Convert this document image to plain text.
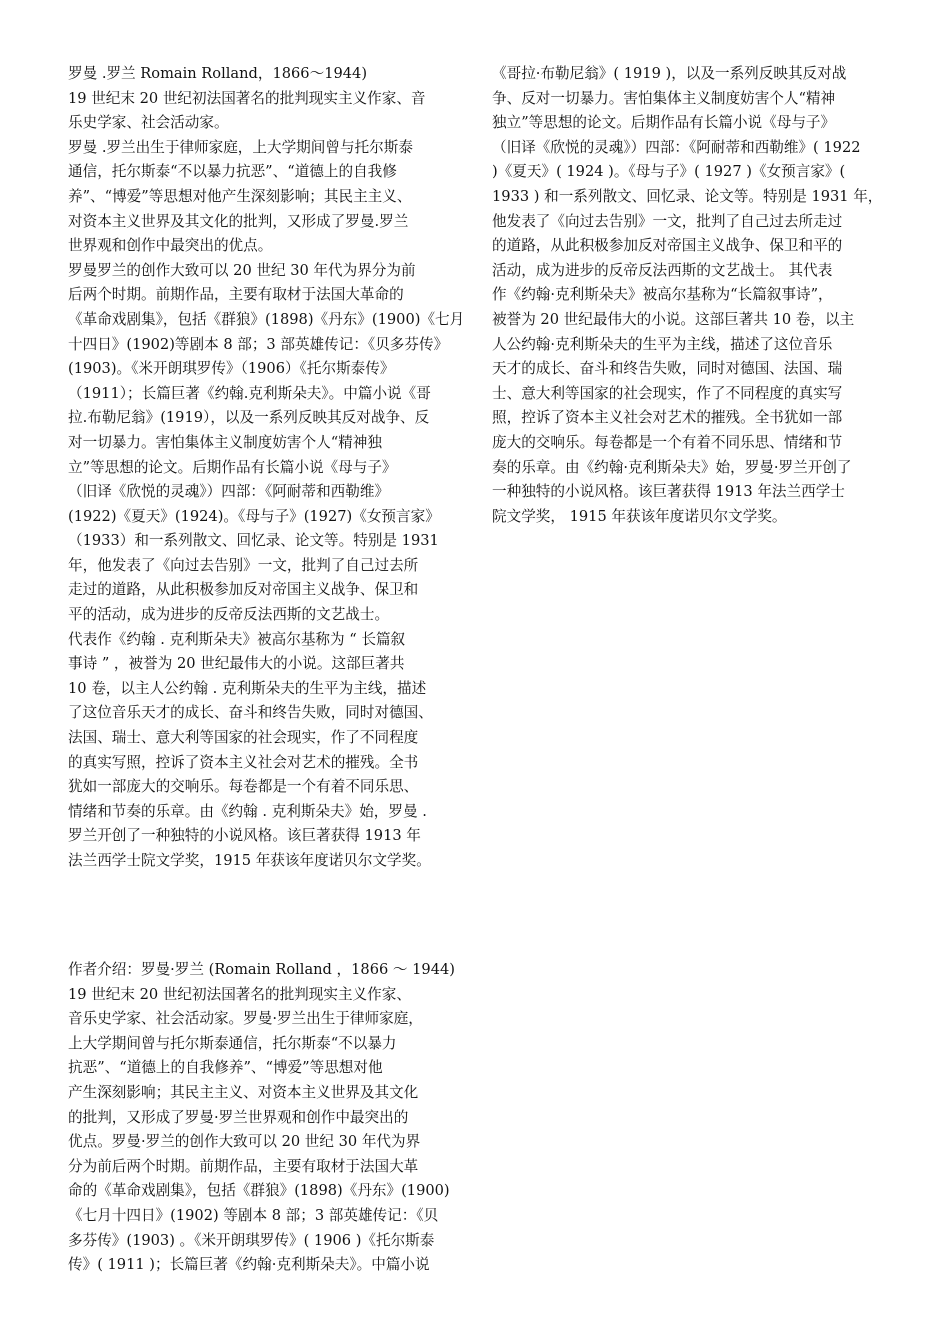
罗曼 .罗兰 Romain Rolland，1866～1944)

19 世纪末 20 世纪初法国著名的批判现实主义作家、音

乐史学家、社会活动家。

罗曼 .罗兰出生于律师家庭，上大学期间曾与托尔斯泰

通信，托尔斯泰“不以暴力抗恶”、“道德上的自我修

养”、“博爱”等思想对他产生深刻影响；其民主主义、

对资本主义世界及其文化的批判，又形成了罗曼.罗兰

世界观和创作中最突出的优点。

罗曼罗兰的创作大致可以 20 世纪 30 年代为界分为前

后两个时期。前期作品，主要有取材于法国大革命的

《革命戏剧集》，包括《群狼》(1898)《丹东》(1900)《七月

十四日》(1902)等剧本 8 部；3 部英雄传记：《贝多芬传》

(1903)。《米开朗琪罗传》（1906）《托尔斯泰传》

（1911）；长篇巨著《约翰.克利斯朵夫》。中篇小说《哥

拉.布勒尼翁》(1919），以及一系列反映其反对战争、反

对一切暴力。害怕集体主义制度妨害个人“精神独

立”等思想的论文。后期作品有长篇小说《母与子》

（旧译《欣悦的灵魂》）四部：《阿耐蒂和西勒维》

(1922)《夏天》(1924)。《母与子》(1927)《女预言家》

（1933）和一系列散文、回忆录、论文等。特别是 1931

年，他发表了《向过去告别》一文，批判了自己过去所

走过的道路，从此积极参加反对帝国主义战争、保卫和

平的活动，成为进步的反帝反法西斯的文艺战士。

代表作《约翰 . 克利斯朵夫》被高尔基称为 “ 长篇叙

事诗 ” ，被誉为 20 世纪最伟大的小说。这部巨著共

10 卷，以主人公约翰 . 克利斯朵夫的生平为主线，描述

了这位音乐天才的成长、奋斗和终告失败，同时对德国、

法国、瑞士、意大利等国家的社会现实，作了不同程度

的真实写照，控诉了资本主义社会对艺术的摧残。全书

犹如一部庞大的交响乐。每卷都是一个有着不同乐思、

情绪和节奏的乐章。由《约翰 . 克利斯朵夫》始，罗曼 .

罗兰开创了一种独特的小说风格。该巨著获得 1913 年

法兰西学士院文学奖，1915 年获该年度诺贝尔文学奖。

作者介绍：罗曼·罗兰 (Romain Rolland ，1866 ～ 1944)

19 世纪末 20 世纪初法国著名的批判现实主义作家、

音乐史学家、社会活动家。罗曼·罗兰出生于律师家庭，

上大学期间曾与托尔斯泰通信，托尔斯泰“不以暴力

抗恶”、“道德上的自我修养”、“博爱”等思想对他

产生深刻影响；其民主主义、对资本主义世界及其文化

的批判，又形成了罗曼·罗兰世界观和创作中最突出的

优点。罗曼·罗兰的创作大致可以 20 世纪 30 年代为界

分为前后两个时期。前期作品，主要有取材于法国大革

命的《革命戏剧集》，包括《群狼》(1898)《丹东》(1900)

《七月十四日》(1902) 等剧本 8 部；3 部英雄传记：《贝

多芬传》(1903) 。《米开朗琪罗传》( 1906 )《托尔斯泰

传》( 1911 )；长篇巨著《约翰·克利斯朵夫》。中篇小说

《哥拉·布勒尼翁》( 1919 )，以及一系列反映其反对战

争、反对一切暴力。害怕集体主义制度妨害个人“精神

独立”等思想的论文。后期作品有长篇小说《母与子》

（旧译《欣悦的灵魂》）四部：《阿耐蒂和西勒维》( 1922

)《夏天》( 1924 )。《母与子》( 1927 )《女预言家》(

1933 ) 和一系列散文、回忆录、论文等。特别是 1931 年，

他发表了《向过去告别》一文，批判了自己过去所走过

的道路，从此积极参加反对帝国主义战争、保卫和平的

活动，成为进步的反帝反法西斯的文艺战士。 其代表

作《约翰·克利斯朵夫》被高尔基称为“长篇叙事诗”，

被誉为 20 世纪最伟大的小说。这部巨著共 10 卷，以主

人公约翰·克利斯朵夫的生平为主线，描述了这位音乐

天才的成长、奋斗和终告失败，同时对德国、法国、瑞

士、意大利等国家的社会现实，作了不同程度的真实写

照，控诉了资本主义社会对艺术的摧残。全书犹如一部

庞大的交响乐。每卷都是一个有着不同乐思、情绪和节

奏的乐章。由《约翰·克利斯朵夫》始，罗曼·罗兰开创了

一种独特的小说风格。该巨著获得 1913 年法兰西学士

院文学奖， 1915 年获该年度诺贝尔文学奖。
